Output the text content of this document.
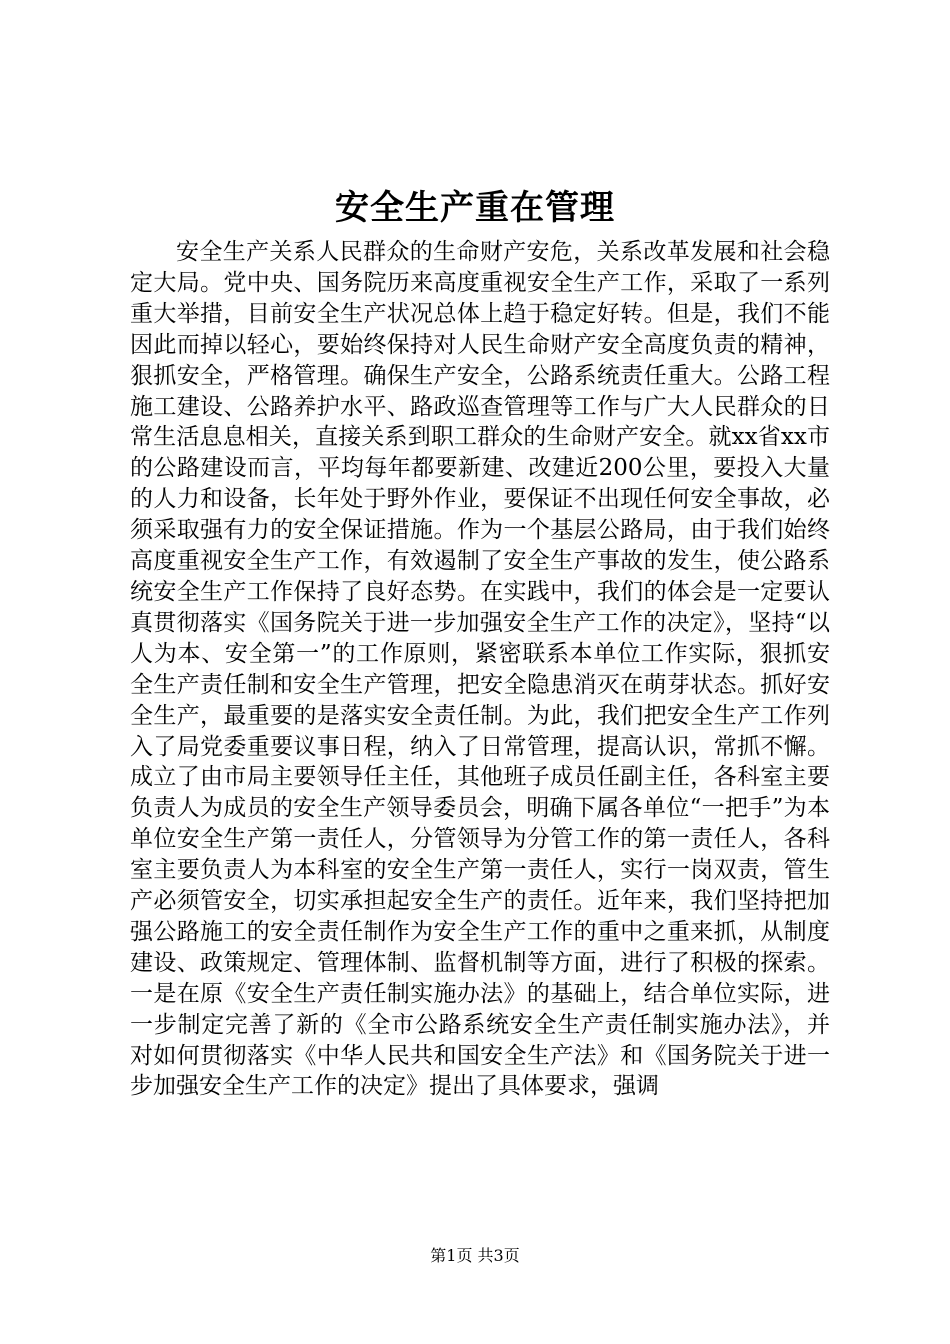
安全生产重在管理

安全生产关系人民群众的生命财产安危，关系改革发展和社会稳定大局。党中央、国务院历来高度重视安全生产工作，采取了一系列重大举措，目前安全生产状况总体上趋于稳定好转。但是，我们不能因此而掉以轻心，要始终保持对人民生命财产安全高度负责的精神，狠抓安全，严格管理。确保生产安全，公路系统责任重大。公路工程施工建设、公路养护水平、路政巡查管理等工作与广大人民群众的日常生活息息相关，直接关系到职工群众的生命财产安全。就xx省xx市的公路建设而言，平均每年都要新建、改建近200公里，要投入大量的人力和设备，长年处于野外作业，要保证不出现任何安全事故，必须采取强有力的安全保证措施。作为一个基层公路局，由于我们始终高度重视安全生产工作，有效遏制了安全生产事故的发生，使公路系统安全生产工作保持了良好态势。在实践中，我们的体会是一定要认真贯彻落实《国务院关于进一步加强安全生产工作的决定》，坚持“以人为本、安全第一”的工作原则，紧密联系本单位工作实际，狠抓安全生产责任制和安全生产管理，把安全隐患消灭在萌芽状态。抓好安全生产，最重要的是落实安全责任制。为此，我们把安全生产工作列入了局党委重要议事日程，纳入了日常管理，提高认识，常抓不懈。成立了由市局主要领导任主任，其他班子成员任副主任，各科室主要负责人为成员的安全生产领导委员会，明确下属各单位“一把手”为本单位安全生产第一责任人，分管领导为分管工作的第一责任人，各科室主要负责人为本科室的安全生产第一责任人，实行一岗双责，管生产必须管安全，切实承担起安全生产的责任。近年来，我们坚持把加强公路施工的安全责任制作为安全生产工作的重中之重来抓，从制度建设、政策规定、管理体制、监督机制等方面，进行了积极的探索。一是在原《安全生产责任制实施办法》的基础上，结合单位实际，进一步制定完善了新的《全市公路系统安全生产责任制实施办法》，并对如何贯彻落实《中华人民共和国安全生产法》和《国务院关于进一步加强安全生产工作的决定》提出了具体要求，强调

第1页 共3页
